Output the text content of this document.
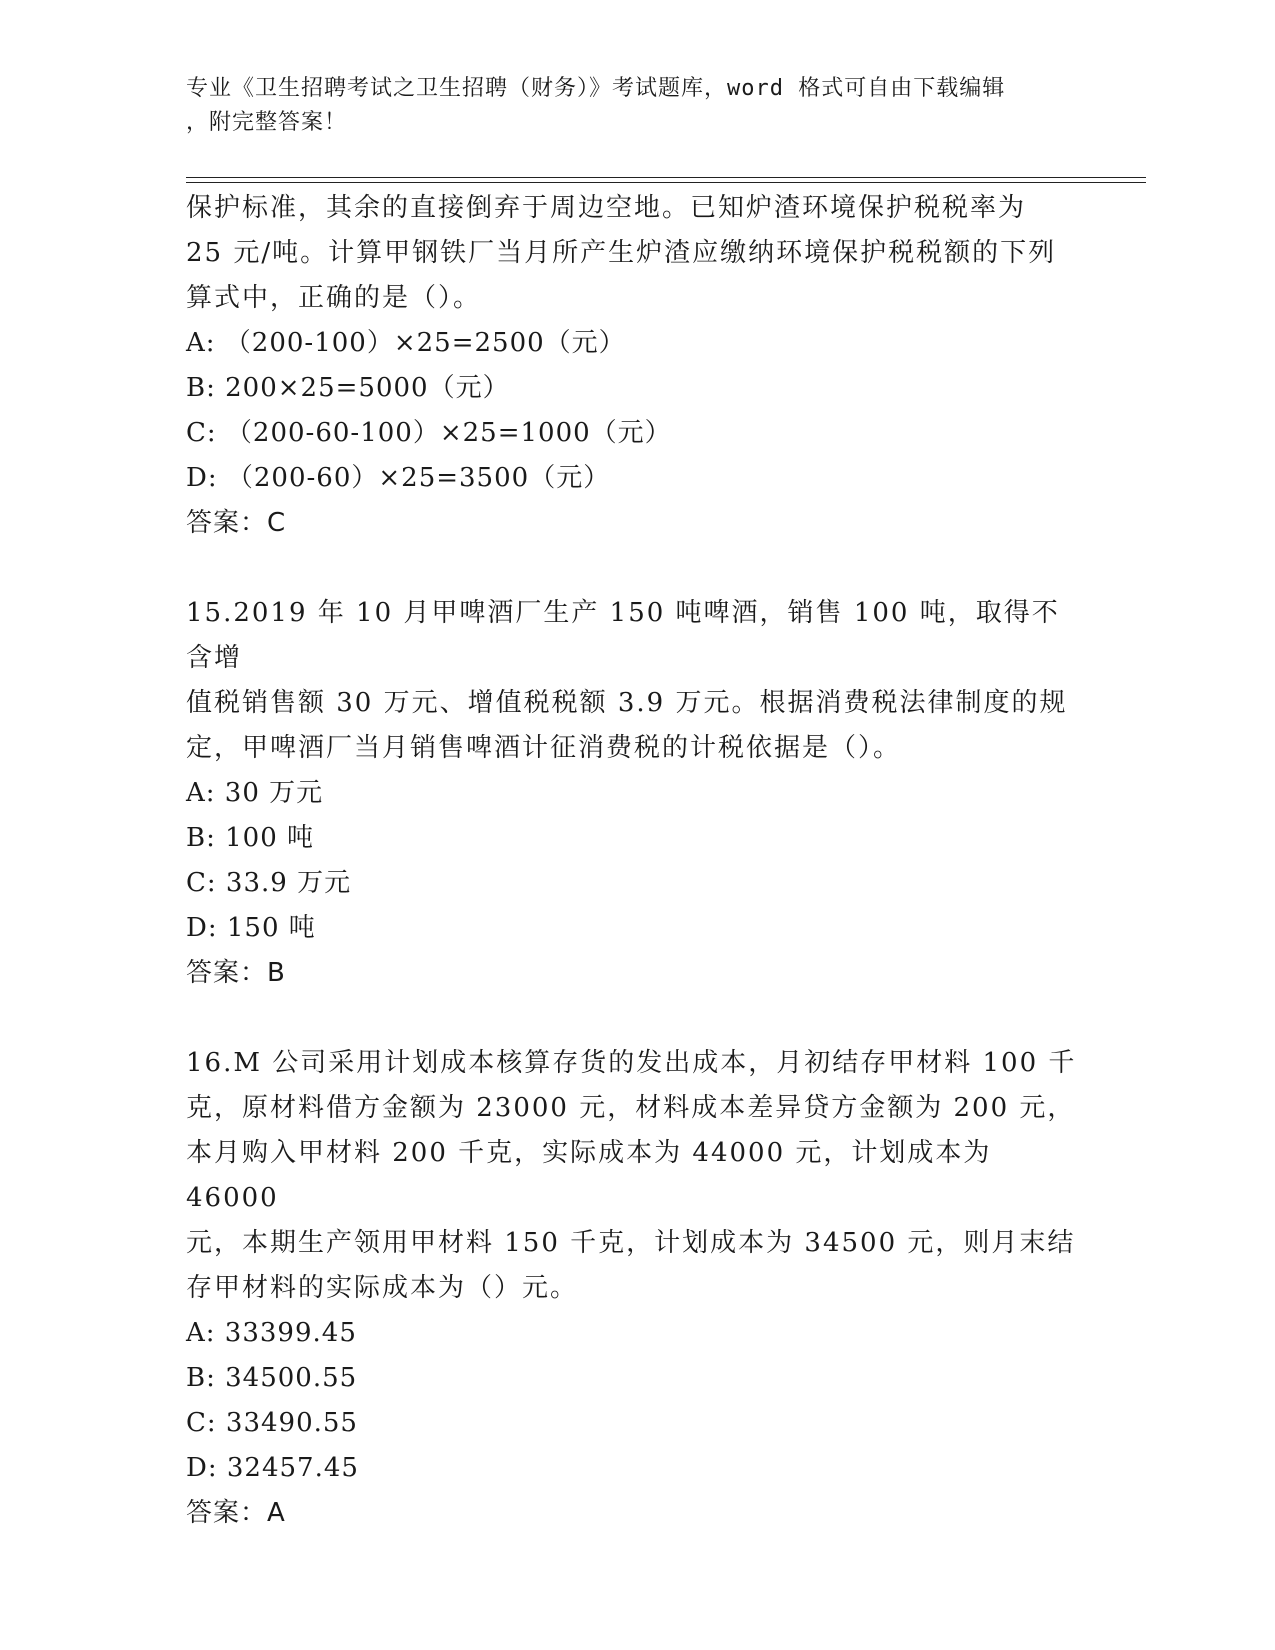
专业《卫生招聘考试之卫生招聘（财务）》考试题库，word 格式可自由下载编辑
，附完整答案！

保护标准，其余的直接倒弃于周边空地。已知炉渣环境保护税税率为
25 元/吨。计算甲钢铁厂当月所产生炉渣应缴纳环境保护税税额的下列
算式中，正确的是（）。

A: （200-100）×25=2500（元）

B: 200×25=5000（元）

C: （200-60-100）×25=1000（元）

D: （200-60）×25=3500（元）

答案：C

15.2019 年 10 月甲啤酒厂生产 150 吨啤酒，销售 100 吨，取得不含增
值税销售额 30 万元、增值税税额 3.9 万元。根据消费税法律制度的规
定，甲啤酒厂当月销售啤酒计征消费税的计税依据是（）。

A: 30 万元

B: 100 吨

C: 33.9 万元

D: 150 吨

答案：B

16.M 公司采用计划成本核算存货的发出成本，月初结存甲材料 100 千
克，原材料借方金额为 23000 元，材料成本差异贷方金额为 200 元，
本月购入甲材料 200 千克，实际成本为 44000 元，计划成本为 46000
元，本期生产领用甲材料 150 千克，计划成本为 34500 元，则月末结
存甲材料的实际成本为（）元。

A: 33399.45

B: 34500.55

C: 33490.55

D: 32457.45

答案：A
